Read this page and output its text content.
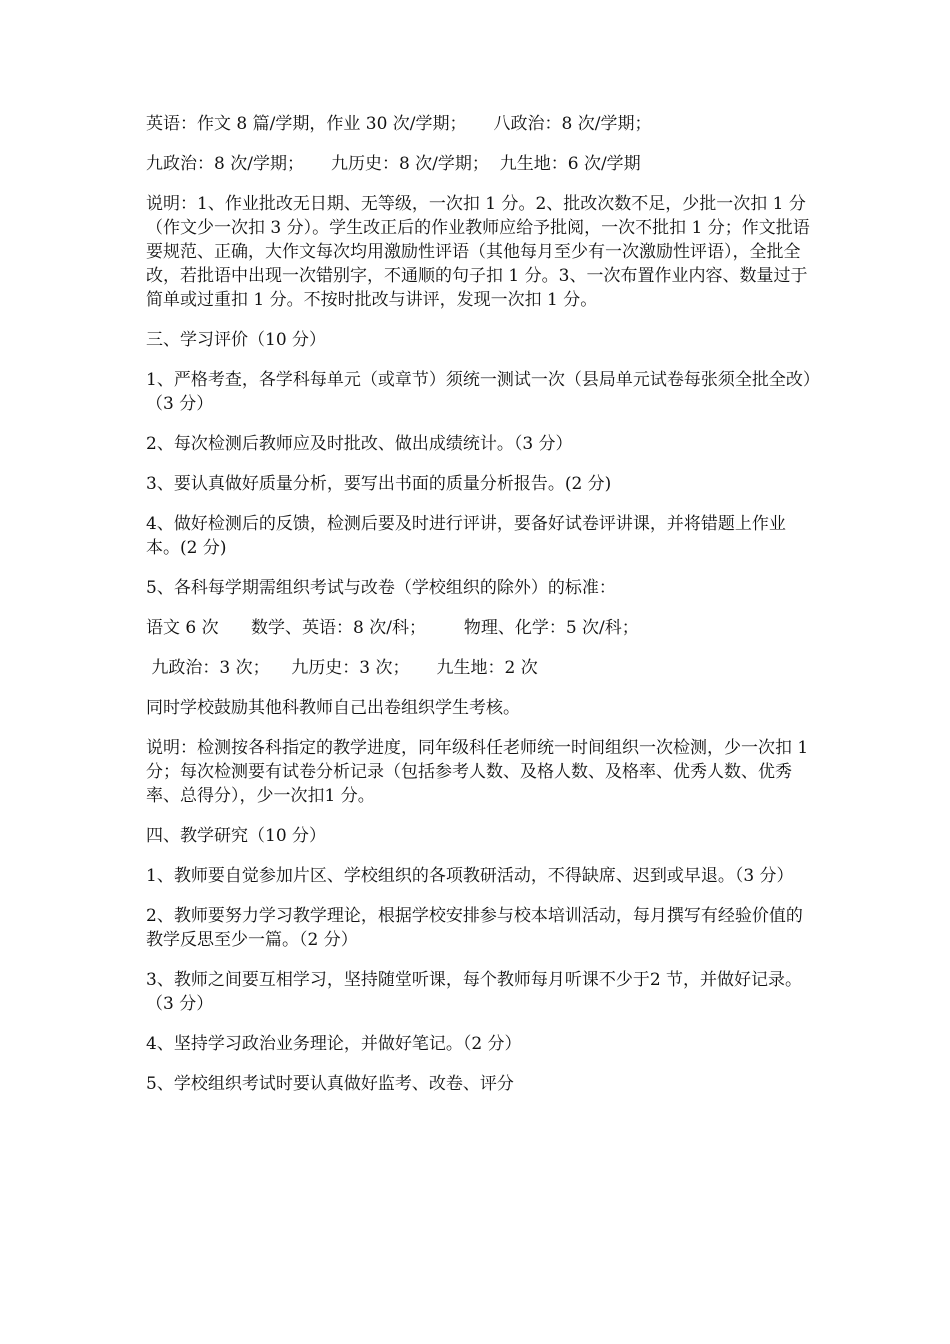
英语：作文 8 篇/学期，作业 30 次/学期；     八政治：8 次/学期；

九政治：8 次/学期；     九历史：8 次/学期；  九生地：6 次/学期

说明：1、作业批改无日期、无等级，一次扣 1 分。2、批改次数不足，少批一次扣 1 分（作文少一次扣 3 分）。学生改正后的作业教师应给予批阅，一次不批扣 1 分；作文批语要规范、正确，大作文每次均用激励性评语（其他每月至少有一次激励性评语），全批全改，若批语中出现一次错别字，不通顺的句子扣 1 分。3、一次布置作业内容、数量过于简单或过重扣 1 分。不按时批改与讲评，发现一次扣 1 分。

三、学习评价（10 分）

1、严格考查，各学科每单元（或章节）须统一测试一次（县局单元试卷每张须全批全改）（3 分）

2、每次检测后教师应及时批改、做出成绩统计。（3 分）

3、要认真做好质量分析，要写出书面的质量分析报告。(2 分)

4、做好检测后的反馈，检测后要及时进行评讲，要备好试卷评讲课，并将错题上作业本。(2 分)

5、各科每学期需组织考试与改卷（学校组织的除外）的标准：

语文 6 次      数学、英语：8 次/科；       物理、化学：5 次/科；

九政治：3 次；    九历史：3 次；     九生地：2 次

同时学校鼓励其他科教师自己出卷组织学生考核。

说明：检测按各科指定的教学进度，同年级科任老师统一时间组织一次检测，少一次扣 1 分；每次检测要有试卷分析记录（包括参考人数、及格人数、及格率、优秀人数、优秀率、总得分），少一次扣1 分。

四、教学研究（10 分）

1、教师要自觉参加片区、学校组织的各项教研活动，不得缺席、迟到或早退。（3 分）

2、教师要努力学习教学理论，根据学校安排参与校本培训活动，每月撰写有经验价值的教学反思至少一篇。（2 分）

3、教师之间要互相学习，坚持随堂听课，每个教师每月听课不少于2 节，并做好记录。（3 分）

4、坚持学习政治业务理论，并做好笔记。（2 分）

5、学校组织考试时要认真做好监考、改卷、评分
